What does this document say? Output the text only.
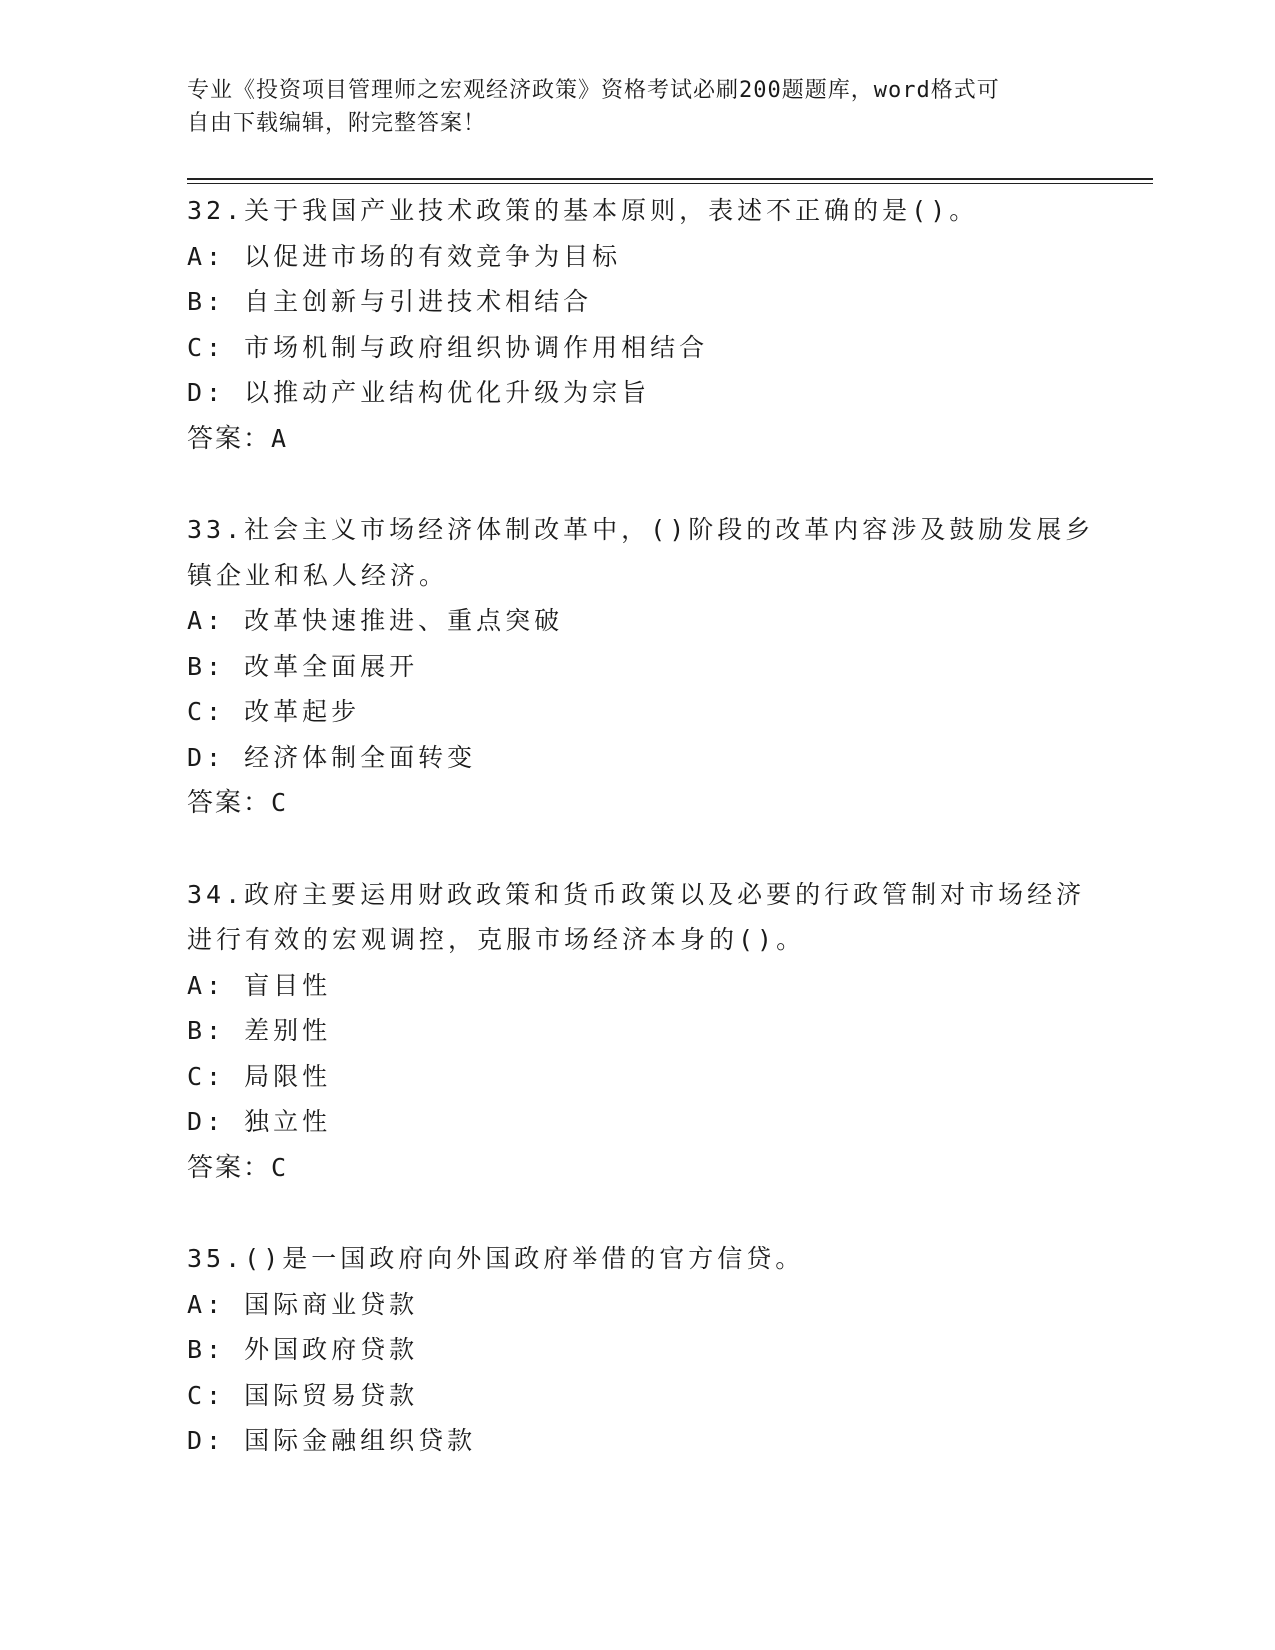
专业《投资项目管理师之宏观经济政策》资格考试必刷200题题库，word格式可
自由下载编辑，附完整答案！
32.关于我国产业技术政策的基本原则，表述不正确的是()。
A: 以促进市场的有效竞争为目标
B: 自主创新与引进技术相结合
C: 市场机制与政府组织协调作用相结合
D: 以推动产业结构优化升级为宗旨
答案：A
33.社会主义市场经济体制改革中，()阶段的改革内容涉及鼓励发展乡
镇企业和私人经济。
A: 改革快速推进、重点突破
B: 改革全面展开
C: 改革起步
D: 经济体制全面转变
答案：C
34.政府主要运用财政政策和货币政策以及必要的行政管制对市场经济
进行有效的宏观调控，克服市场经济本身的()。
A: 盲目性
B: 差别性
C: 局限性
D: 独立性
答案：C
35.()是一国政府向外国政府举借的官方信贷。
A: 国际商业贷款
B: 外国政府贷款
C: 国际贸易贷款
D: 国际金融组织贷款
